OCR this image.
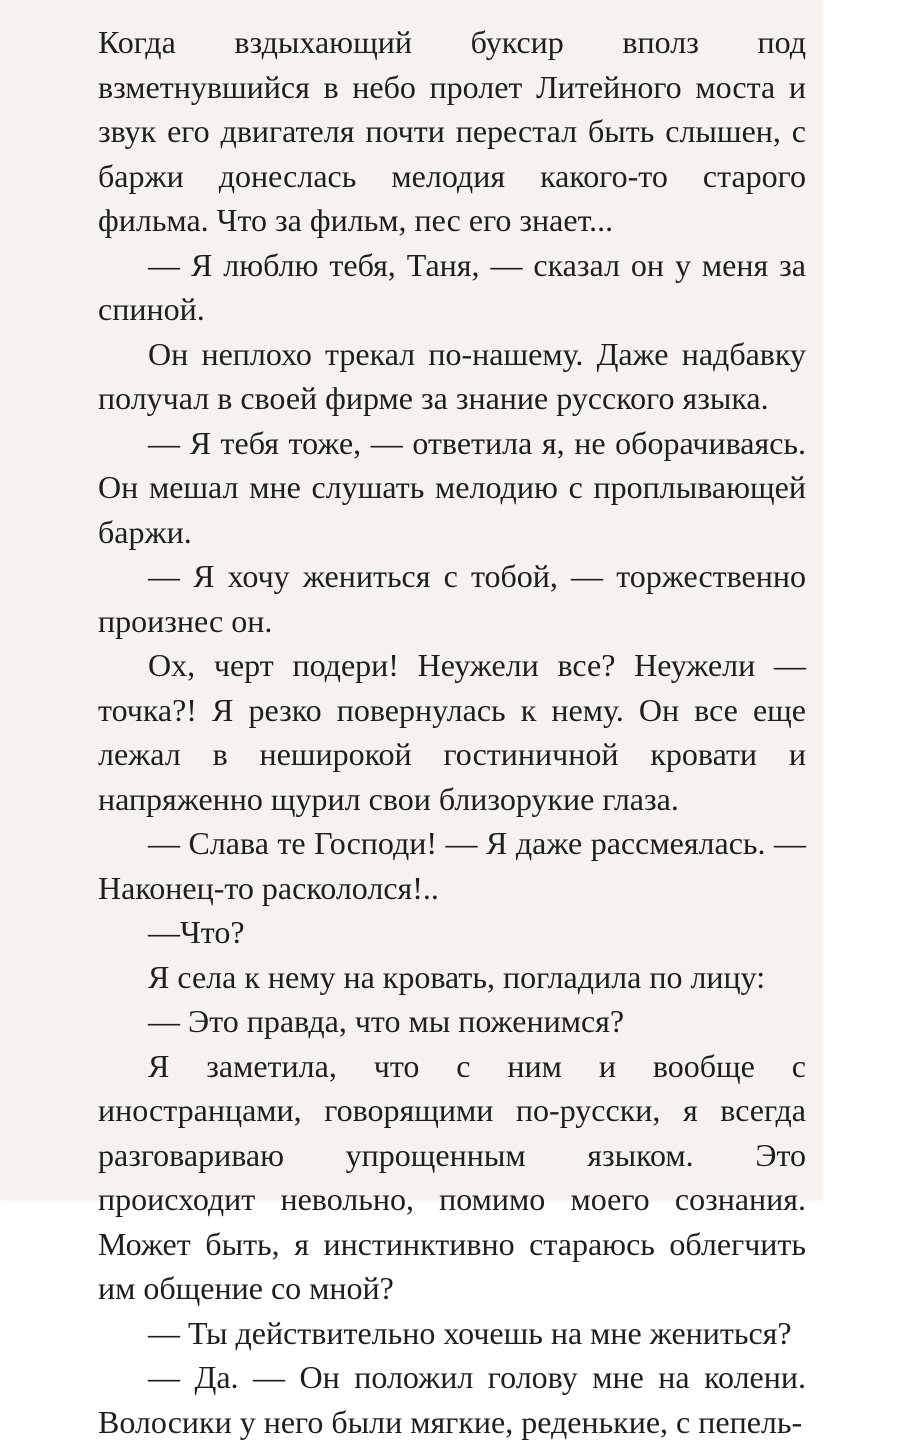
Когда вздыхающий буксир вполз под взметнувшийся в небо пролет Литейного моста и звук его двигателя почти перестал быть слышен, с баржи донеслась мелодия какого-то старого фильма. Что за фильм, пес его знает...

— Я люблю тебя, Таня, — сказал он у меня за спиной.

Он неплохо трекал по-нашему. Даже надбавку получал в своей фирме за знание русского языка.

— Я тебя тоже, — ответила я, не оборачиваясь. Он мешал мне слушать мелодию с проплывающей баржи.

— Я хочу жениться с тобой, — торжественно произнес он.

Ох, черт подери! Неужели все? Неужели — точка?! Я резко повернулась к нему. Он все еще лежал в неширокой гостиничной кровати и напряженно щурил свои близорукие глаза.

— Слава те Господи! — Я даже рассмеялась. — Наконец-то раскололся!..

—Что?

Я села к нему на кровать, погладила по лицу:

— Это правда, что мы поженимся?

Я заметила, что с ним и вообще с иностранцами, говорящими по-русски, я всегда разговариваю упрощенным языком. Это происходит невольно, помимо моего сознания. Может быть, я инстинктивно стараюсь облегчить им общение со мной?

— Ты действительно хочешь на мне жениться?

— Да. — Он положил голову мне на колени. Волосики у него были мягкие, реденькие, с пепель-
